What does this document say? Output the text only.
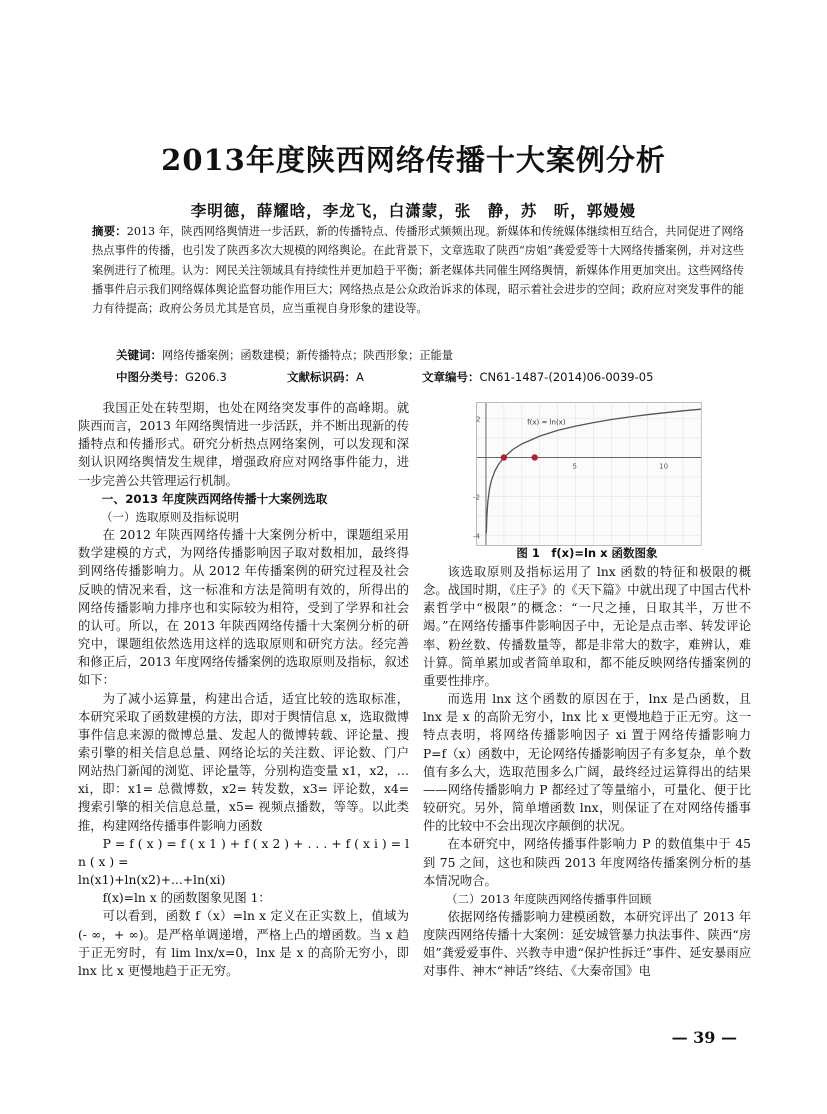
2013年度陕西网络传播十大案例分析
李明德，薛耀晗，李龙飞，白潇蒙，张　静，苏　昕，郭嫚嫚
摘要：2013 年，陕西网络舆情进一步活跃，新的传播特点、传播形式频频出现。新媒体和传统媒体继续相互结合，共同促进了网络热点事件的传播，也引发了陕西多次大规模的网络舆论。在此背景下，文章选取了陕西“房姐”龚爱爱等十大网络传播案例，并对这些案例进行了梳理。认为：网民关注领域具有持续性并更加趋于平衡；新老媒体共同催生网络舆情，新媒体作用更加突出。这些网络传播事件启示我们网络媒体舆论监督功能作用巨大；网络热点是公众政治诉求的体现，昭示着社会进步的空间；政府应对突发事件的能力有待提高；政府公务员尤其是官员，应当重视自身形象的建设等。
关键词：网络传播案例；函数建模；新传播特点；陕西形象；正能量
中图分类号：G206.3	文献标识码：A	文章编号：CN61-1487-(2014)06-0039-05

我国正处在转型期，也处在网络突发事件的高峰期。就陕西而言，2013 年网络舆情进一步活跃，并不断出现新的传播特点和传播形式。研究分析热点网络案例，可以发现和深刻认识网络舆情发生规律，增强政府应对网络事件能力，进一步完善公共管理运行机制。

一、2013 年度陕西网络传播十大案例选取
（一）选取原则及指标说明

在 2012 年陕西网络传播十大案例分析中，课题组采用数学建模的方式，为网络传播影响因子取对数相加，最终得到网络传播影响力。从 2012 年传播案例的研究过程及社会反映的情况来看，这一标准和方法是简明有效的，所得出的网络传播影响力排序也和实际较为相符，受到了学界和社会的认可。所以，在 2013 年陕西网络传播十大案例分析的研究中，课题组依然选用这样的选取原则和研究方法。经完善和修正后，2013 年度网络传播案例的选取原则及指标，叙述如下：

为了减小运算量，构建出合适，适宜比较的选取标准，本研究采取了函数建模的方法，即对于舆情信息 x，选取微博事件信息来源的微博总量、发起人的微博转载、评论量、搜索引擎的相关信息总量、网络论坛的关注数、评论数、门户网站热门新闻的浏览、评论量等，分别构造变量 x1，x2，…xi，即：x1= 总微博数，x2= 转发数，x3= 评论数，x4= 搜索引擎的相关信息总量，x5= 视频点播数，等等。以此类推，构建网络传播事件影响力函数

P = f ( x ) = f ( x 1 ) + f ( x 2 ) + . . . + f ( x i ) = l n ( x ) =

ln(x1)+ln(x2)+...+ln(xi)

f(x)=ln x 的函数图象见图 1：

可以看到，函数 f（x）=ln x 定义在正实数上，值域为 (- ∞，+ ∞)。是严格单调递增，严格上凸的增函数。当 x 趋于正无穷时，有 lim lnx/x=0，lnx 是 x 的高阶无穷小，即 lnx 比 x 更慢地趋于正无穷。

5	10
2
-2
-4
f(x) = ln(x)
图 1　f(x)=ln x 函数图象

该选取原则及指标运用了 lnx 函数的特征和极限的概念。战国时期，《庄子》的《天下篇》中就出现了中国古代朴素哲学中“极限”的概念：“一尺之捶，日取其半，万世不竭。”在网络传播事件影响因子中，无论是点击率、转发评论率、粉丝数、传播数量等，都是非常大的数字，难辨认，难计算。简单累加或者简单取和，都不能反映网络传播案例的重要性排序。

而选用 lnx 这个函数的原因在于，lnx 是凸函数，且 lnx 是 x 的高阶无穷小，lnx 比 x 更慢地趋于正无穷。这一特点表明，将网络传播影响因子 xi 置于网络传播影响力 P=f（x）函数中，无论网络传播影响因子有多复杂，单个数值有多么大，选取范围多么广阔，最终经过运算得出的结果——网络传播影响力 P 都经过了等量缩小，可量化、便于比较研究。另外，简单增函数 lnx，则保证了在对网络传播事件的比较中不会出现次序颠倒的状况。

在本研究中，网络传播事件影响力 P 的数值集中于 45 到 75 之间，这也和陕西 2013 年度网络传播案例分析的基本情况吻合。

（二）2013 年度陕西网络传播事件回顾

依据网络传播影响力建模函数，本研究评出了 2013 年度陕西网络传播十大案例：延安城管暴力执法事件、陕西“房姐”龚爱爱事件、兴教寺申遗“保护性拆迁”事件、延安暴雨应对事件、神木“神话”终结、《大秦帝国》电

— 39 —
